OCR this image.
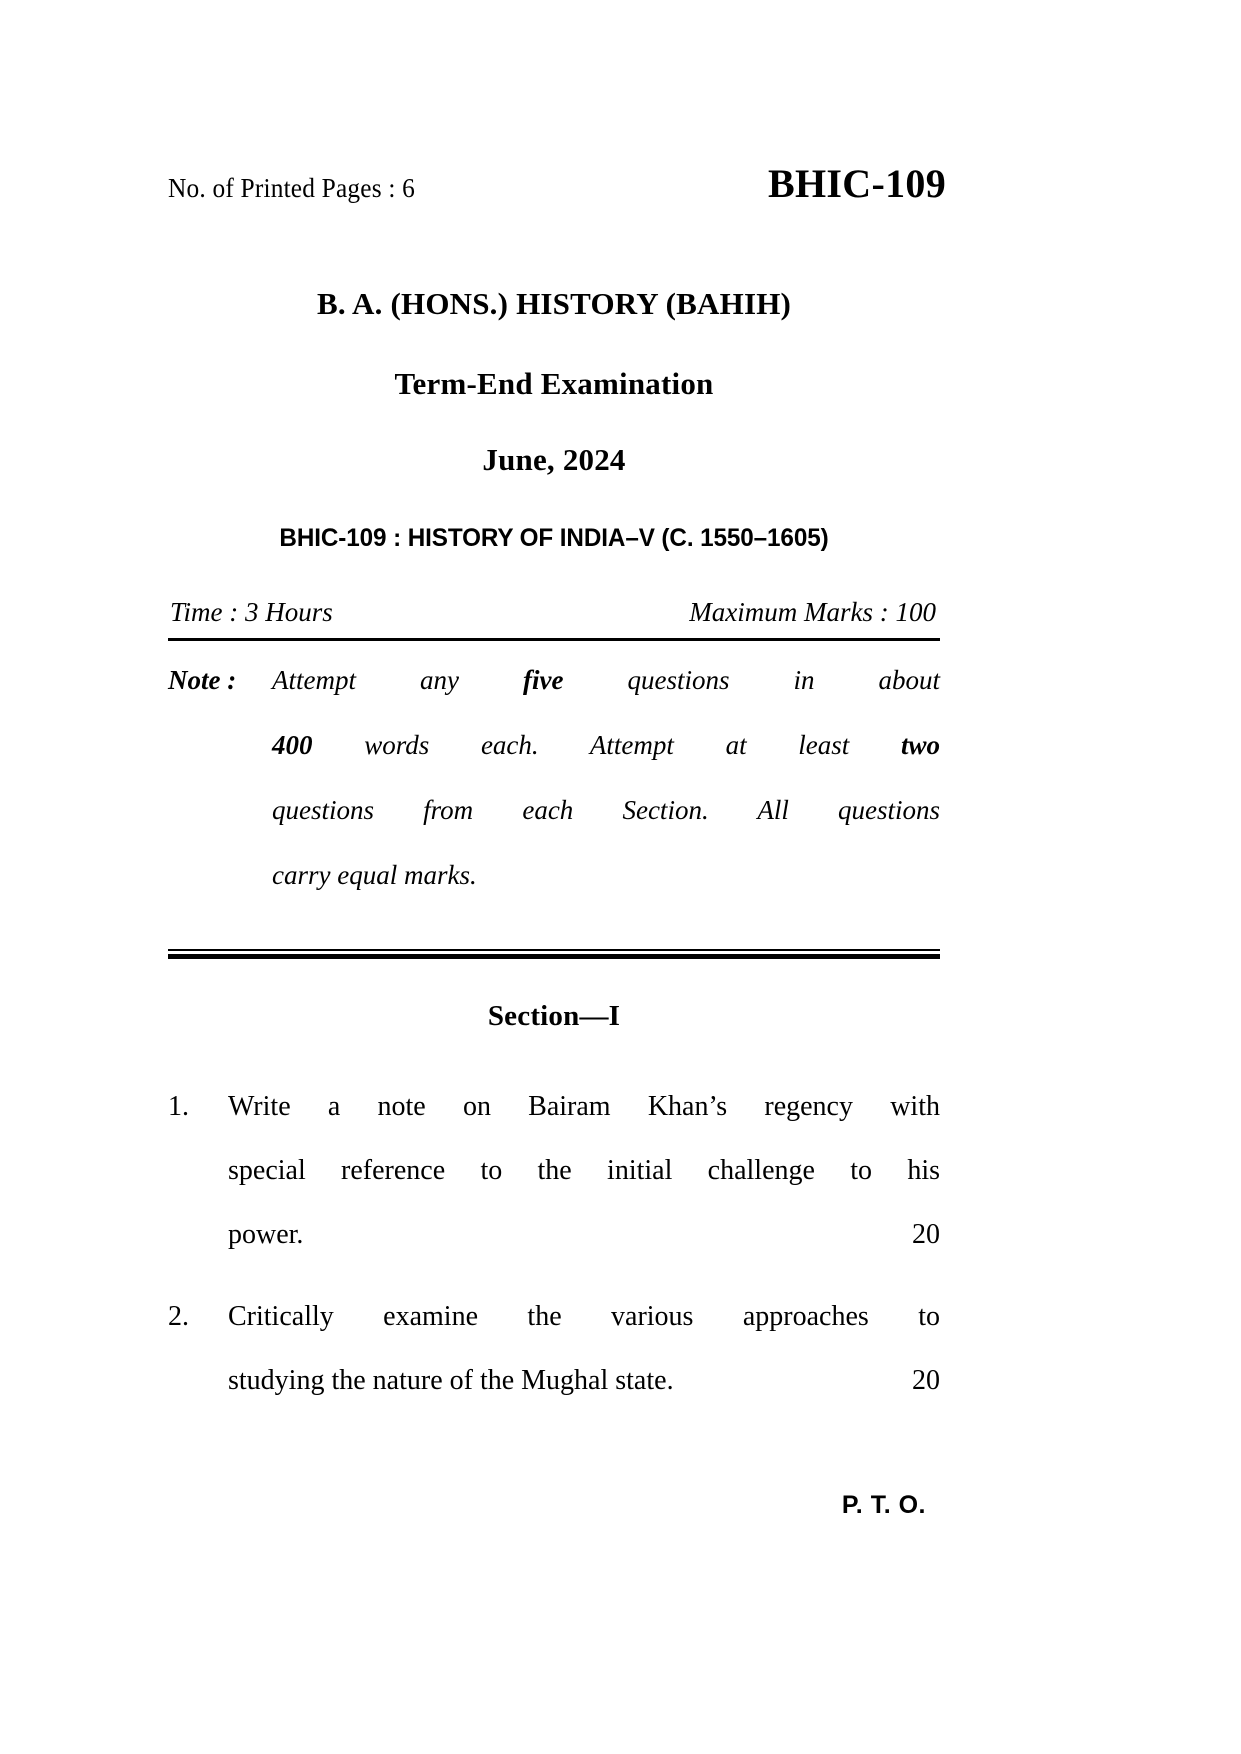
No. of Printed Pages : 6	BHIC-109
B. A. (HONS.) HISTORY (BAHIH)
Term-End Examination
June, 2024
BHIC-109 : HISTORY OF INDIA–V (C. 1550–1605)
Time : 3 Hours	Maximum Marks : 100
Note :	Attempt any five questions in about
400 words each. Attempt at least two
questions from each Section. All questions
carry equal marks.
Section—I
1.	Write a note on Bairam Khan’s regency with
special reference to the initial challenge to his
power.	20
2.	Critically examine the various approaches to
studying the nature of the Mughal state.	20
P. T. O.
